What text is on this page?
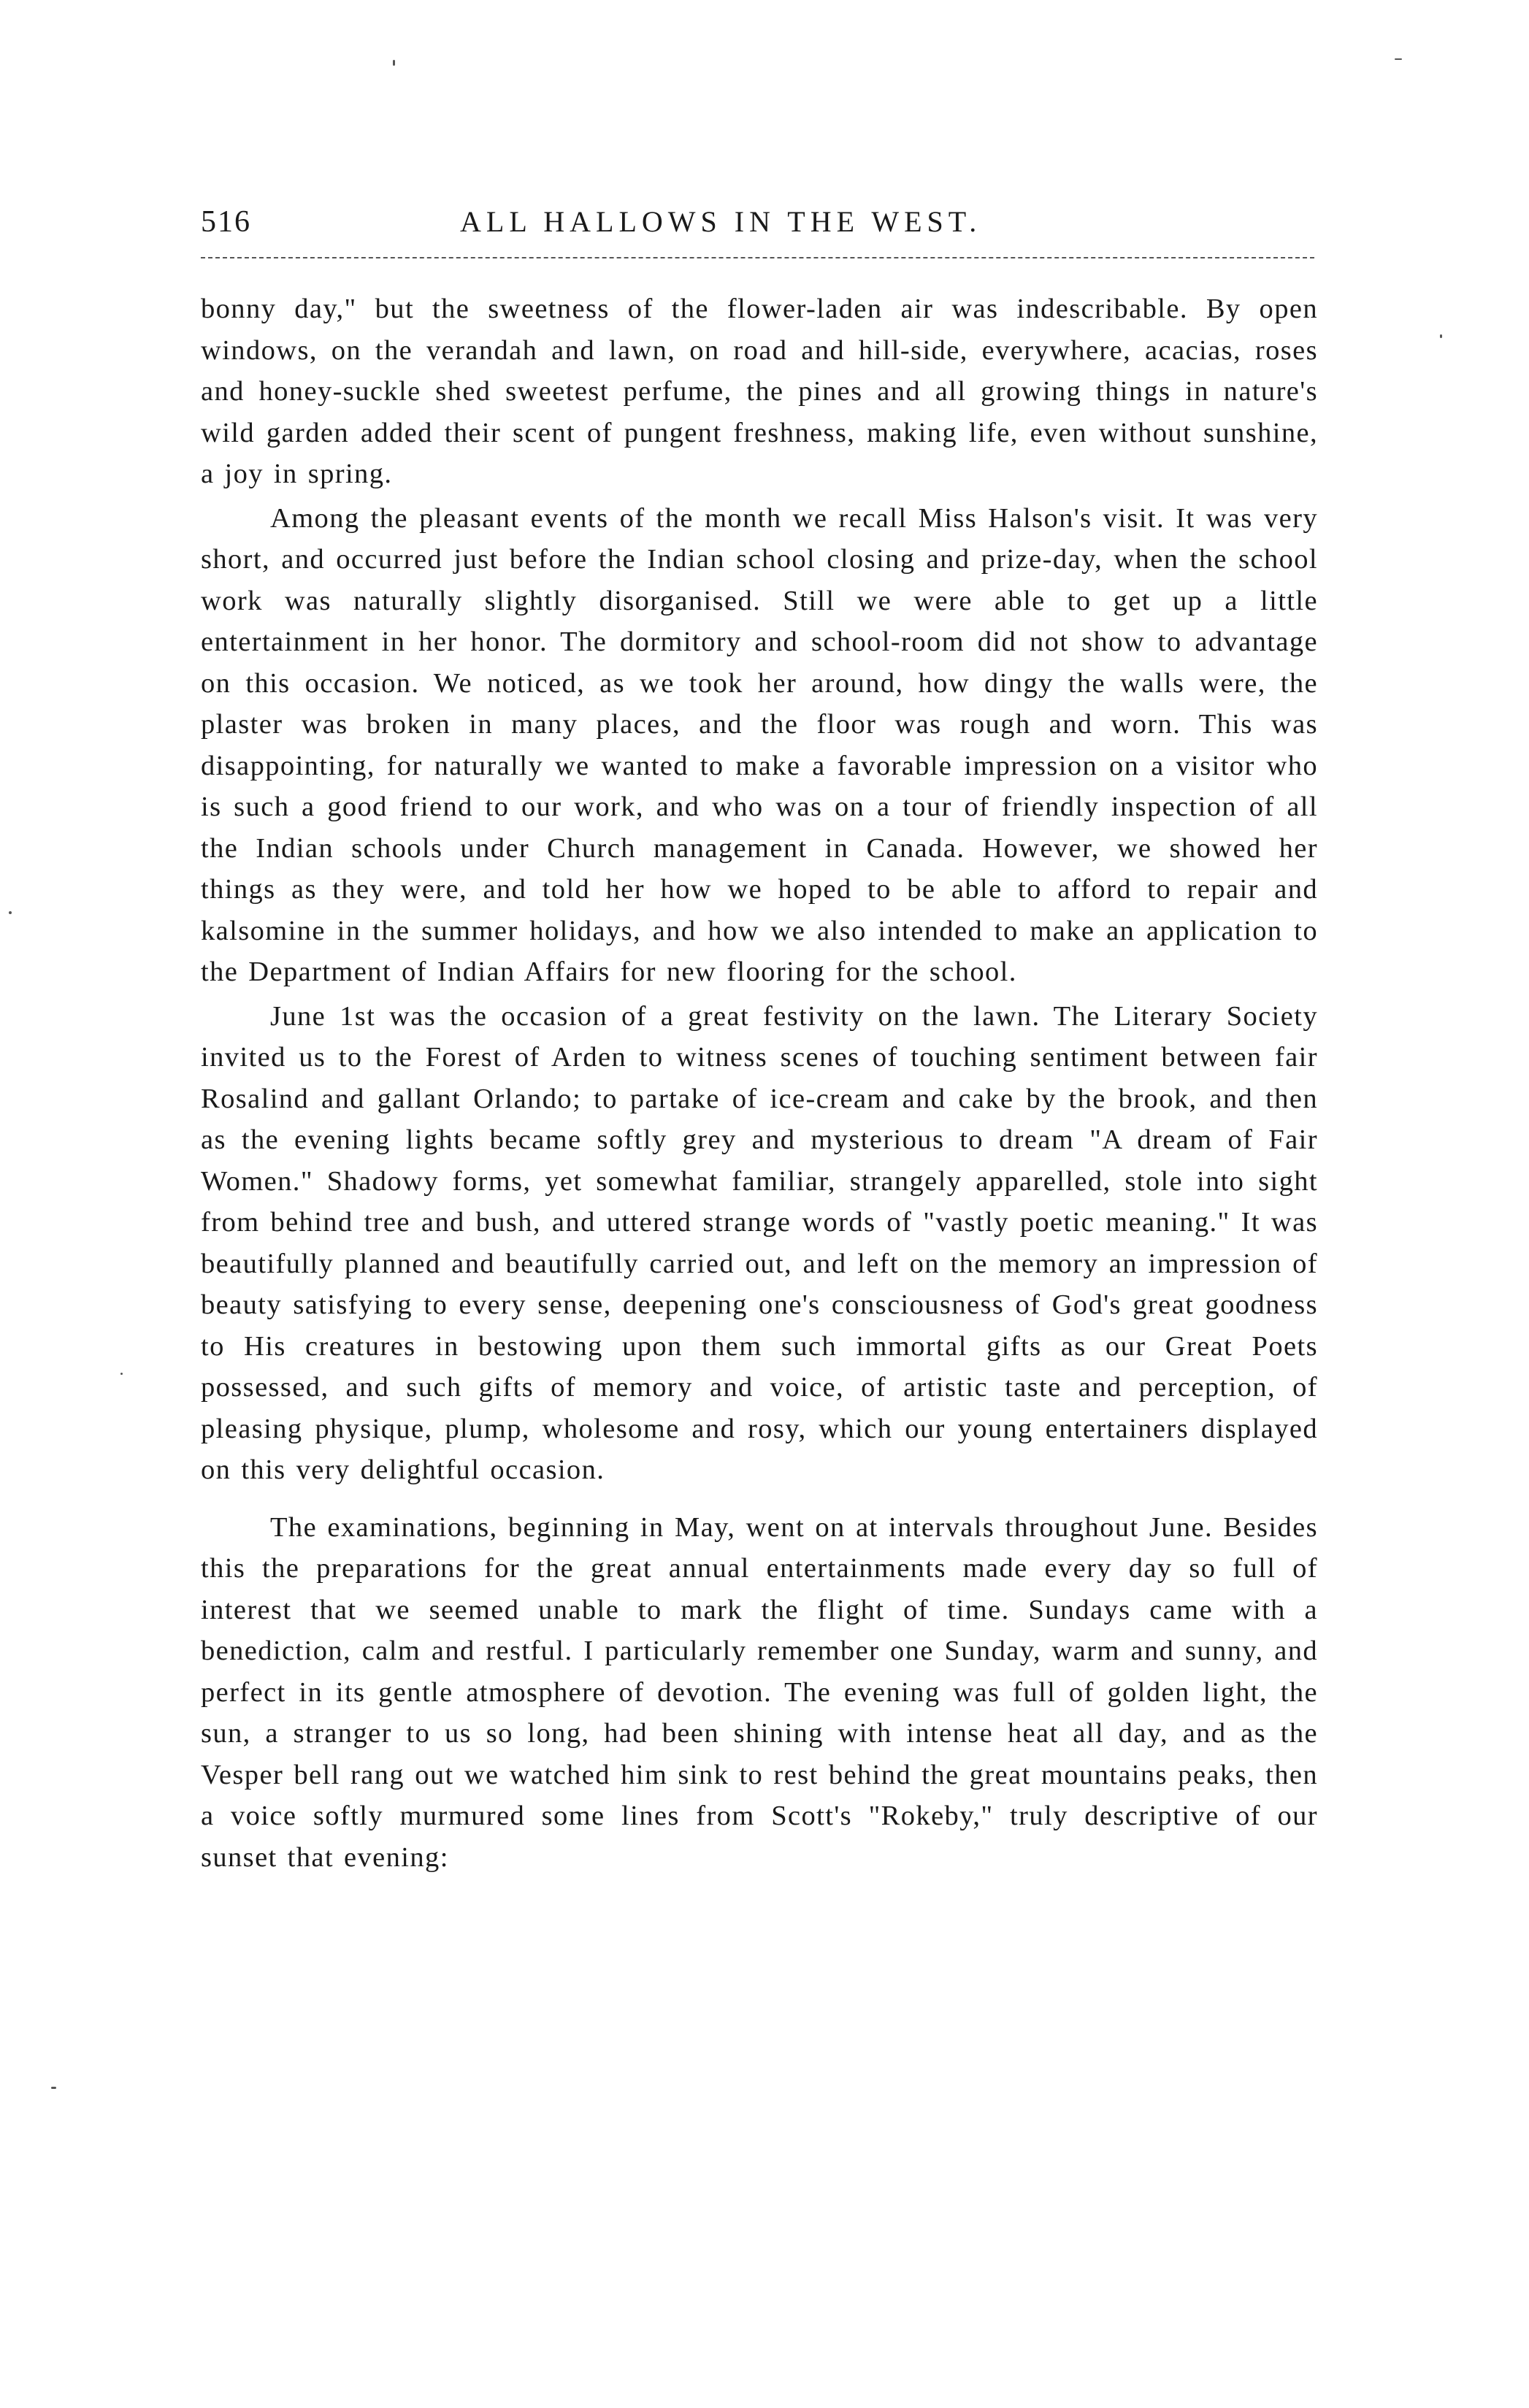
516	ALL HALLOWS IN THE WEST.

bonny day," but the sweetness of the flower-laden air was indescribable. By open windows, on the verandah and lawn, on road and hill-side, everywhere, acacias, roses and honey-suckle shed sweetest perfume, the pines and all growing things in nature's wild garden added their scent of pungent freshness, making life, even without sunshine, a joy in spring.

Among the pleasant events of the month we recall Miss Halson's visit. It was very short, and occurred just before the Indian school closing and prize-day, when the school work was naturally slightly disorganised. Still we were able to get up a little entertainment in her honor. The dormitory and school-room did not show to advantage on this occasion. We noticed, as we took her around, how dingy the walls were, the plaster was broken in many places, and the floor was rough and worn. This was disappointing, for naturally we wanted to make a favorable impression on a visitor who is such a good friend to our work, and who was on a tour of friendly inspection of all the Indian schools under Church management in Canada. However, we showed her things as they were, and told her how we hoped to be able to afford to repair and kalsomine in the summer holidays, and how we also intended to make an application to the Department of Indian Affairs for new flooring for the school.

June 1st was the occasion of a great festivity on the lawn. The Literary Society invited us to the Forest of Arden to witness scenes of touching sentiment between fair Rosalind and gallant Orlando; to partake of ice-cream and cake by the brook, and then as the evening lights became softly grey and mysterious to dream "A dream of Fair Women." Shadowy forms, yet somewhat familiar, strangely apparelled, stole into sight from behind tree and bush, and uttered strange words of "vastly poetic meaning." It was beautifully planned and beautifully carried out, and left on the memory an impression of beauty satisfying to every sense, deepening one's consciousness of God's great goodness to His creatures in bestowing upon them such immortal gifts as our Great Poets possessed, and such gifts of memory and voice, of artistic taste and perception, of pleasing physique, plump, wholesome and rosy, which our young entertainers displayed on this very delightful occasion.

The examinations, beginning in May, went on at intervals throughout June. Besides this the preparations for the great annual entertainments made every day so full of interest that we seemed unable to mark the flight of time. Sundays came with a benediction, calm and restful. I particularly remember one Sunday, warm and sunny, and perfect in its gentle atmosphere of devotion. The evening was full of golden light, the sun, a stranger to us so long, had been shining with intense heat all day, and as the Vesper bell rang out we watched him sink to rest behind the great mountains peaks, then a voice softly murmured some lines from Scott's "Rokeby," truly descriptive of our sunset that evening:
